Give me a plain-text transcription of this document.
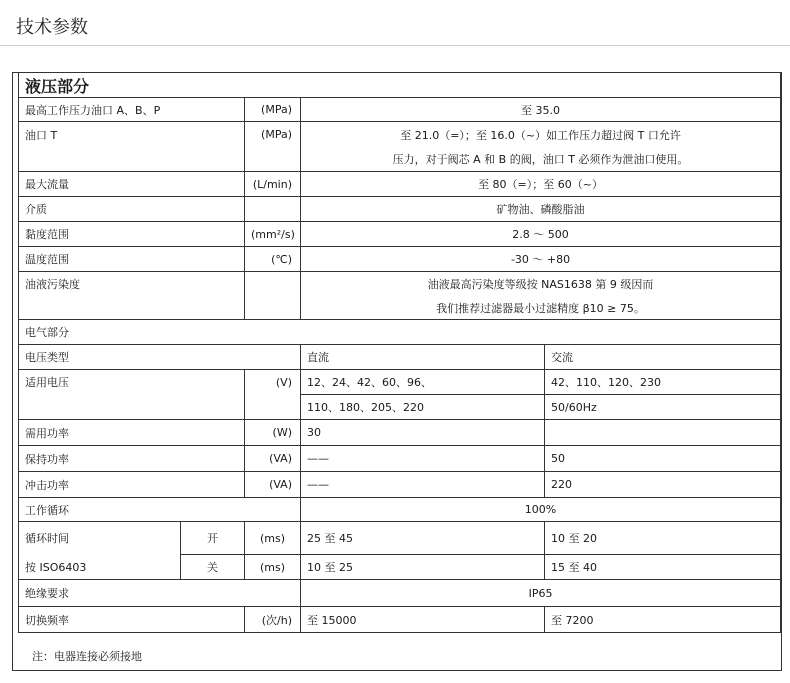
技术参数
液压部分				
最高工作压力油口 A、B、P		(MPa)	至 35.0	
油口 T		(MPa)	至 21.0（=）；至 16.0（~）如工作压力超过阀 T 口允许	
			压力，对于阀芯 A 和 B 的阀，油口 T 必须作为泄油口使用。	
最大流量		(L/min)	至 80（=）；至 60（~）	
介质			矿物油、磷酸脂油	
黏度范围		(mm²/s)	2.8 ～ 500	
温度范围		(℃)	-30 ～ +80	
油液污染度			油液最高污染度等级按 NAS1638 第 9 级因而	
			我们推荐过滤器最小过滤精度 β10 ≥ 75。	
电气部分				
电压类型			直流	交流
适用电压		(V)	12、24、42、60、96、	42、110、120、230
			110、180、205、220	50/60Hz
需用功率		(W)	30	
保持功率		(VA)	——	50
冲击功率		(VA)	——	220
工作循环			100%	
循环时间	开	(ms)	25 至 45	10 至 20
按 ISO6403	关	(ms)	10 至 25	15 至 40
绝缘要求			IP65	
切换频率		(次/h)	至 15000	至 7200
注：电器连接必须接地
